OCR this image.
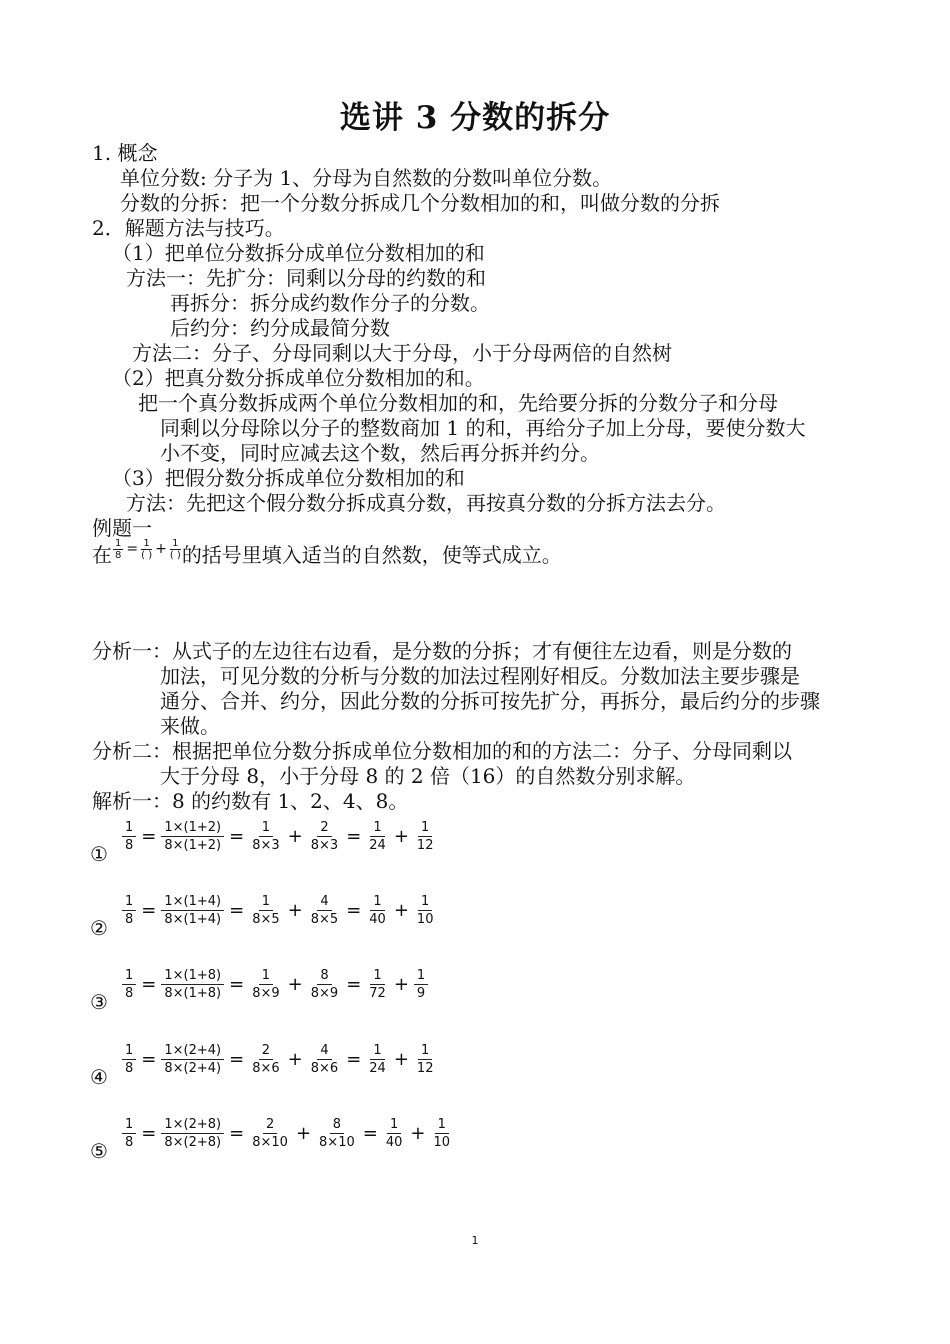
选讲 3 分数的拆分
1. 概念
单位分数: 分子为 1、分母为自然数的分数叫单位分数。
分数的分拆：把一个分数分拆成几个分数相加的和，叫做分数的分拆
2．解题方法与技巧。
（1）把单位分数拆分成单位分数相加的和
方法一：先扩分：同剩以分母的约数的和
再拆分：拆分成约数作分子的分数。
后约分：约分成最简分数
方法二：分子、分母同剩以大于分母，小于分母两倍的自然树
（2）把真分数分拆成单位分数相加的和。
把一个真分数拆成两个单位分数相加的和，先给要分拆的分数分子和分母
同剩以分母除以分子的整数商加 1 的和，再给分子加上分母，要使分数大
小不变，同时应减去这个数，然后再分拆并约分。
（3）把假分数分拆成单位分数相加的和
方法：先把这个假分数分拆成真分数，再按真分数的分拆方法去分。
例题一
在 $\frac{1}{8} = \frac{1}{( )} + \frac{1}{( )}$ 的括号里填入适当的自然数，使等式成立。
分析一：从式子的左边往右边看，是分数的分拆；才有便往左边看，则是分数的
加法，可见分数的分析与分数的加法过程刚好相反。分数加法主要步骤是
通分、合并、约分，因此分数的分拆可按先扩分，再拆分，最后约分的步骤
来做。
分析二：根据把单位分数分拆成单位分数相加的和的方法二：分子、分母同剩以
大于分母 8，小于分母 8 的 2 倍（16）的自然数分别求解。
解析一：8 的约数有 1、2、4、8。
①
$\frac{1}{8} = \frac{1\times(1+2)}{8\times(1+2)} = \frac{1}{8\times 3} + \frac{2}{8\times 3} = \frac{1}{24} + \frac{1}{12}$
②
$\frac{1}{8} = \frac{1\times(1+4)}{8\times(1+4)} = \frac{1}{8\times 5} + \frac{4}{8\times 5} = \frac{1}{40} + \frac{1}{10}$
③
$\frac{1}{8} = \frac{1\times(1+8)}{8\times(1+8)} = \frac{1}{8\times 9} + \frac{8}{8\times 9} = \frac{1}{72} + \frac{1}{9}$
④
$\frac{1}{8} = \frac{1\times(2+4)}{8\times(2+4)} = \frac{2}{8\times 6} + \frac{4}{8\times 6} = \frac{1}{24} + \frac{1}{12}$
⑤
$\frac{1}{8} = \frac{1\times(2+8)}{8\times(2+8)} = \frac{2}{8\times 10} + \frac{8}{8\times 10} = \frac{1}{40} + \frac{1}{10}$
1
